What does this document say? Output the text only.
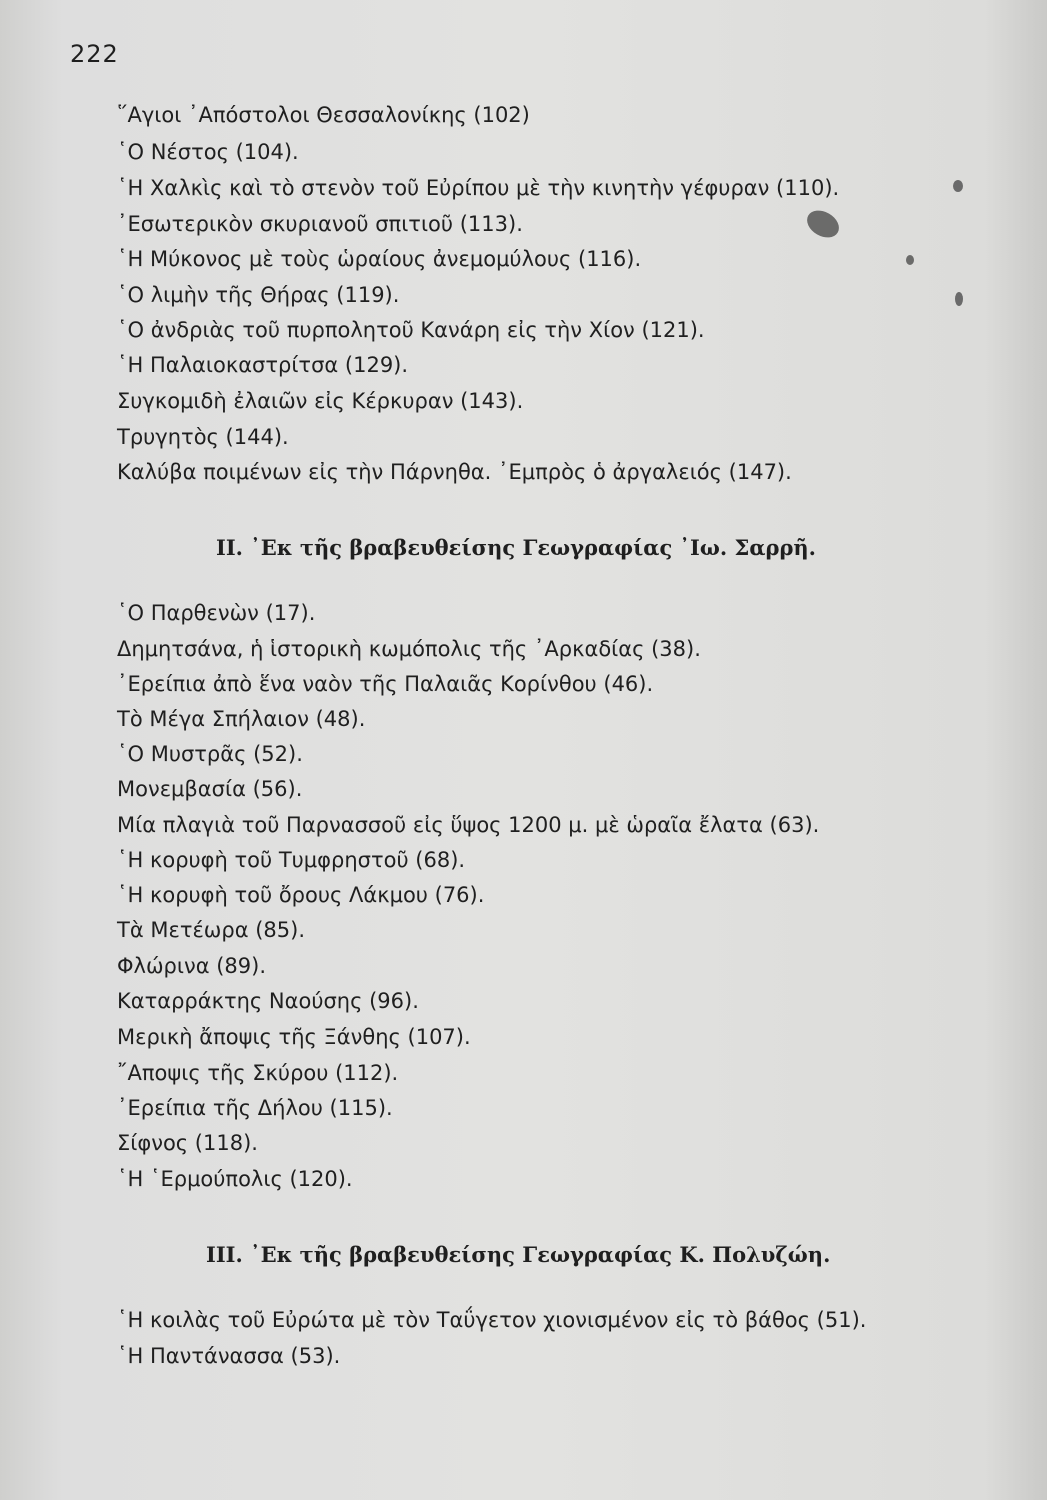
222
῞Αγιοι ᾿Απόστολοι Θεσσαλονίκης (102)
῾Ο Νέστος (104).
῾Η Χαλκὶς καὶ τὸ στενὸν τοῦ Εὐρίπου μὲ τὴν κινητὴν γέφυραν (110).
᾿Εσωτερικὸν σκυριανοῦ σπιτιοῦ (113).
῾Η Μύκονος μὲ τοὺς ὡραίους ἀνεμομύλους (116).
῾Ο λιμὴν τῆς Θήρας (119).
῾Ο ἀνδριὰς τοῦ πυρπολητοῦ Κανάρη εἰς τὴν Χίον (121).
῾Η Παλαιοκαστρίτσα (129).
Συγκομιδὴ ἐλαιῶν εἰς Κέρκυραν (143).
Τρυγητὸς (144).
Καλύβα ποιμένων εἰς τὴν Πάρνηθα. ᾿Εμπρὸς ὁ ἀργαλειός (147).
II. ᾿Εκ τῆς βραβευθείσης Γεωγραφίας ᾿Ιω. Σαρρῆ.
῾Ο Παρθενὼν (17).
Δημητσάνα, ἡ ἱστορικὴ κωμόπολις τῆς ᾿Αρκαδίας (38).
᾿Ερείπια ἀπὸ ἕνα ναὸν τῆς Παλαιᾶς Κορίνθου (46).
Τὸ Μέγα Σπήλαιον (48).
῾Ο Μυστρᾶς (52).
Μονεμβασία (56).
Μία πλαγιὰ τοῦ Παρνασσοῦ εἰς ὕψος 1200 μ. μὲ ὡραῖα ἔλατα (63).
῾Η κορυφὴ τοῦ Τυμφρηστοῦ (68).
῾Η κορυφὴ τοῦ ὄρους Λάκμου (76).
Τὰ Μετέωρα (85).
Φλώρινα (89).
Καταρράκτης Ναούσης (96).
Μερικὴ ἄποψις τῆς Ξάνθης (107).
῎Αποψις τῆς Σκύρου (112).
᾿Ερείπια τῆς Δήλου (115).
Σίφνος (118).
῾Η ῾Ερμούπολις (120).
III. ᾿Εκ τῆς βραβευθείσης Γεωγραφίας Κ. Πολυζώη.
῾Η κοιλὰς τοῦ Εὐρώτα μὲ τὸν Ταΰγετον χιονισμένον εἰς τὸ βάθος (51).
῾Η Παντάνασσα (53).
